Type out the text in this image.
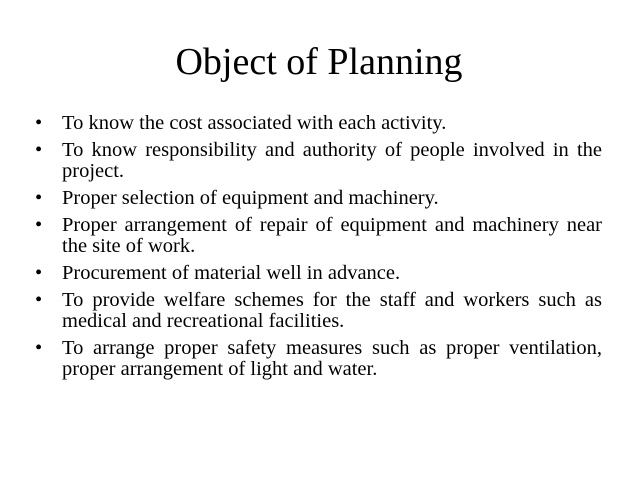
Object of Planning
• To know the cost associated with each activity.
• To know responsibility and authority of people involved in the project.
• Proper selection of equipment and machinery.
• Proper arrangement of repair of equipment and machinery near the site of work.
• Procurement of material well in advance.
• To provide welfare schemes for the staff and workers such as medical and recreational facilities.
• To arrange proper safety measures such as proper ventilation, proper arrangement of light and water.
